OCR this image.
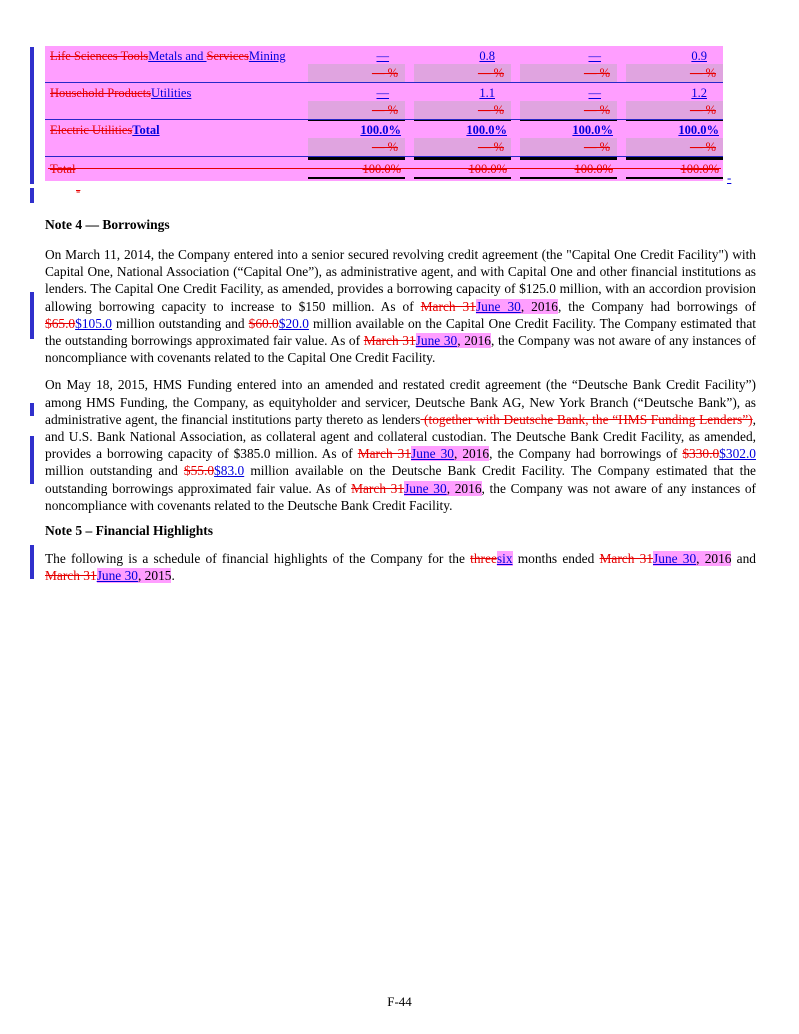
Life Sciences ToolsMetals and ServicesMining	—	0.8	—	0.9
— %	— %	— %	— %
Household ProductsUtilities	—	1.1	—	1.2
— %	— %	— %	— %
Electric UtilitiesTotal	100.0%	100.0%	100.0%	100.0%
— %	— %	— %	— %
Total	100.0%	100.0%	100.0%	100.0%
-
-
Note 4 — Borrowings

On March 11, 2014, the Company entered into a senior secured revolving credit agreement (the "Capital One Credit Facility") with Capital One, National Association (“Capital One”), as administrative agent, and with Capital One and other financial institutions as lenders. The Capital One Credit Facility, as amended, provides a borrowing capacity of $125.0 million, with an accordion provision allowing borrowing capacity to increase to $150 million. As of March 31June 30, 2016, the Company had borrowings of $65.0$105.0 million outstanding and $60.0$20.0 million available on the Capital One Credit Facility. The Company estimated that the outstanding borrowings approximated fair value. As of March 31June 30, 2016, the Company was not aware of any instances of noncompliance with covenants related to the Capital One Credit Facility.

On May 18, 2015, HMS Funding entered into an amended and restated credit agreement (the “Deutsche Bank Credit Facility”) among HMS Funding, the Company, as equityholder and servicer, Deutsche Bank AG, New York Branch (“Deutsche Bank”), as administrative agent, the financial institutions party thereto as lenders (together with Deutsche Bank, the “HMS Funding Lenders”), and U.S. Bank National Association, as collateral agent and collateral custodian. The Deutsche Bank Credit Facility, as amended, provides a borrowing capacity of $385.0 million. As of March 31June 30, 2016, the Company had borrowings of $330.0$302.0 million outstanding and $55.0$83.0 million available on the Deutsche Bank Credit Facility. The Company estimated that the outstanding borrowings approximated fair value. As of March 31June 30, 2016, the Company was not aware of any instances of noncompliance with covenants related to the Deutsche Bank Credit Facility.

Note 5 – Financial Highlights

The following is a schedule of financial highlights of the Company for the threesix months ended March 31June 30, 2016 and March 31June 30, 2015.

F-44
